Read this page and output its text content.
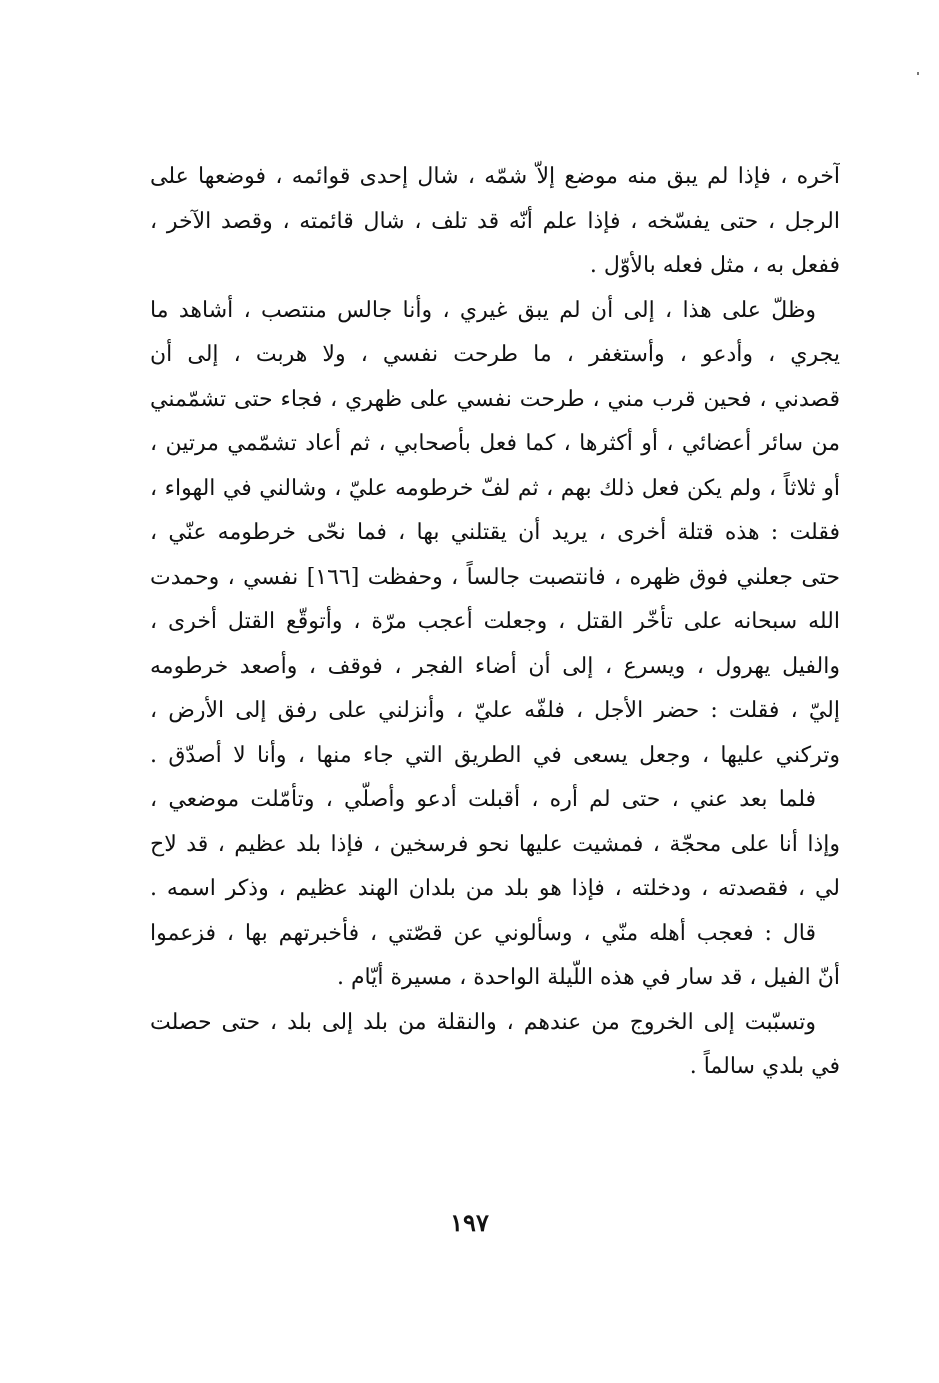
آخره ، فإذا لم يبق منه موضع إلاّ شمّه ، شال إحدى قوائمه ، فوضعها على
الرجل ، حتى يفسّخه ، فإذا علم أنّه قد تلف ، شال قائمته ، وقصد الآخر ،
ففعل به ، مثل فعله بالأوّل .
وظلّ على هذا ، إلى أن لم يبق غيري ، وأنا جالس منتصب ، أشاهد ما
يجري ، وأدعو ، وأستغفر ، ما طرحت نفسي ، ولا هربت ، إلى أن
قصدني ، فحين قرب مني ، طرحت نفسي على ظهري ، فجاء حتى تشمّمني
من سائر أعضائي ، أو أكثرها ، كما فعل بأصحابي ، ثم أعاد تشمّمي مرتين ،
أو ثلاثاً ، ولم يكن فعل ذلك بهم ، ثم لفّ خرطومه عليّ ، وشالني في الهواء ،
فقلت : هذه قتلة أخرى ، يريد أن يقتلني بها ، فما نحّى خرطومه عنّي ،
حتى جعلني فوق ظهره ، فانتصبت جالساً ، وحفظت [١٦٦] نفسي ، وحمدت
الله سبحانه على تأخّر القتل ، وجعلت أعجب مرّة ، وأتوقّع القتل أخرى ،
والفيل يهرول ، ويسرع ، إلى أن أضاء الفجر ، فوقف ، وأصعد خرطومه
إليّ ، فقلت : حضر الأجل ، فلفّه عليّ ، وأنزلني على رفق إلى الأرض ،
وتركني عليها ، وجعل يسعى في الطريق التي جاء منها ، وأنا لا أصدّق .
فلما بعد عني ، حتى لم أره ، أقبلت أدعو وأصلّي ، وتأمّلت موضعي ،
وإذا أنا على محجّة ، فمشيت عليها نحو فرسخين ، فإذا بلد عظيم ، قد لاح
لي ، فقصدته ، ودخلته ، فإذا هو بلد من بلدان الهند عظيم ، وذكر اسمه .
قال : فعجب أهله منّي ، وسألوني عن قصّتي ، فأخبرتهم بها ، فزعموا
أنّ الفيل ، قد سار في هذه اللّيلة الواحدة ، مسيرة أيّام .
وتسبّبت إلى الخروج من عندهم ، والنقلة من بلد إلى بلد ، حتى حصلت
في بلدي سالماً .
١٩٧
